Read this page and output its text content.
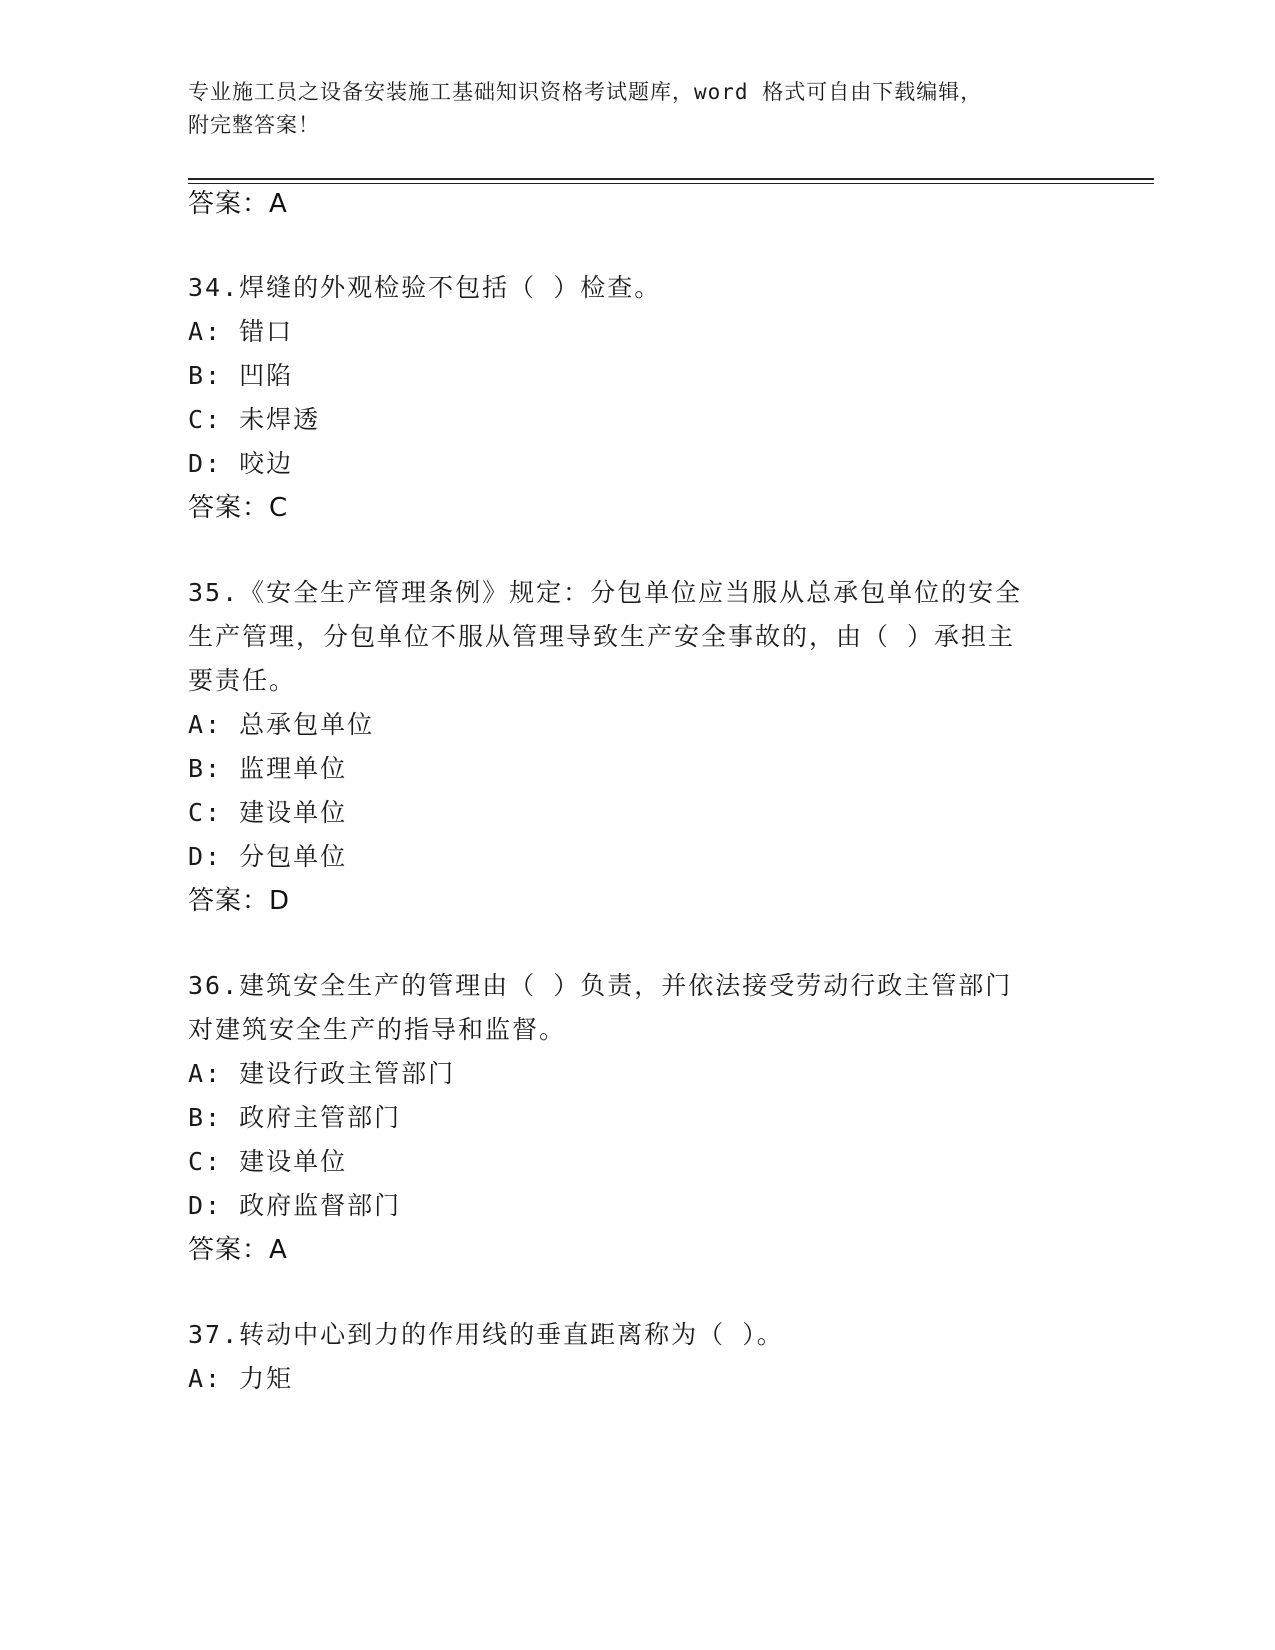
专业施工员之设备安装施工基础知识资格考试题库，word 格式可自由下载编辑，
附完整答案！
答案：A
34.焊缝的外观检验不包括（ ）检查。
A: 错口
B: 凹陷
C: 未焊透
D: 咬边
答案：C
35.《安全生产管理条例》规定：分包单位应当服从总承包单位的安全
生产管理，分包单位不服从管理导致生产安全事故的，由（ ）承担主
要责任。
A: 总承包单位
B: 监理单位
C: 建设单位
D: 分包单位
答案：D
36.建筑安全生产的管理由（ ）负责，并依法接受劳动行政主管部门
对建筑安全生产的指导和监督。
A: 建设行政主管部门
B: 政府主管部门
C: 建设单位
D: 政府监督部门
答案：A
37.转动中心到力的作用线的垂直距离称为（ ）。
A: 力矩
